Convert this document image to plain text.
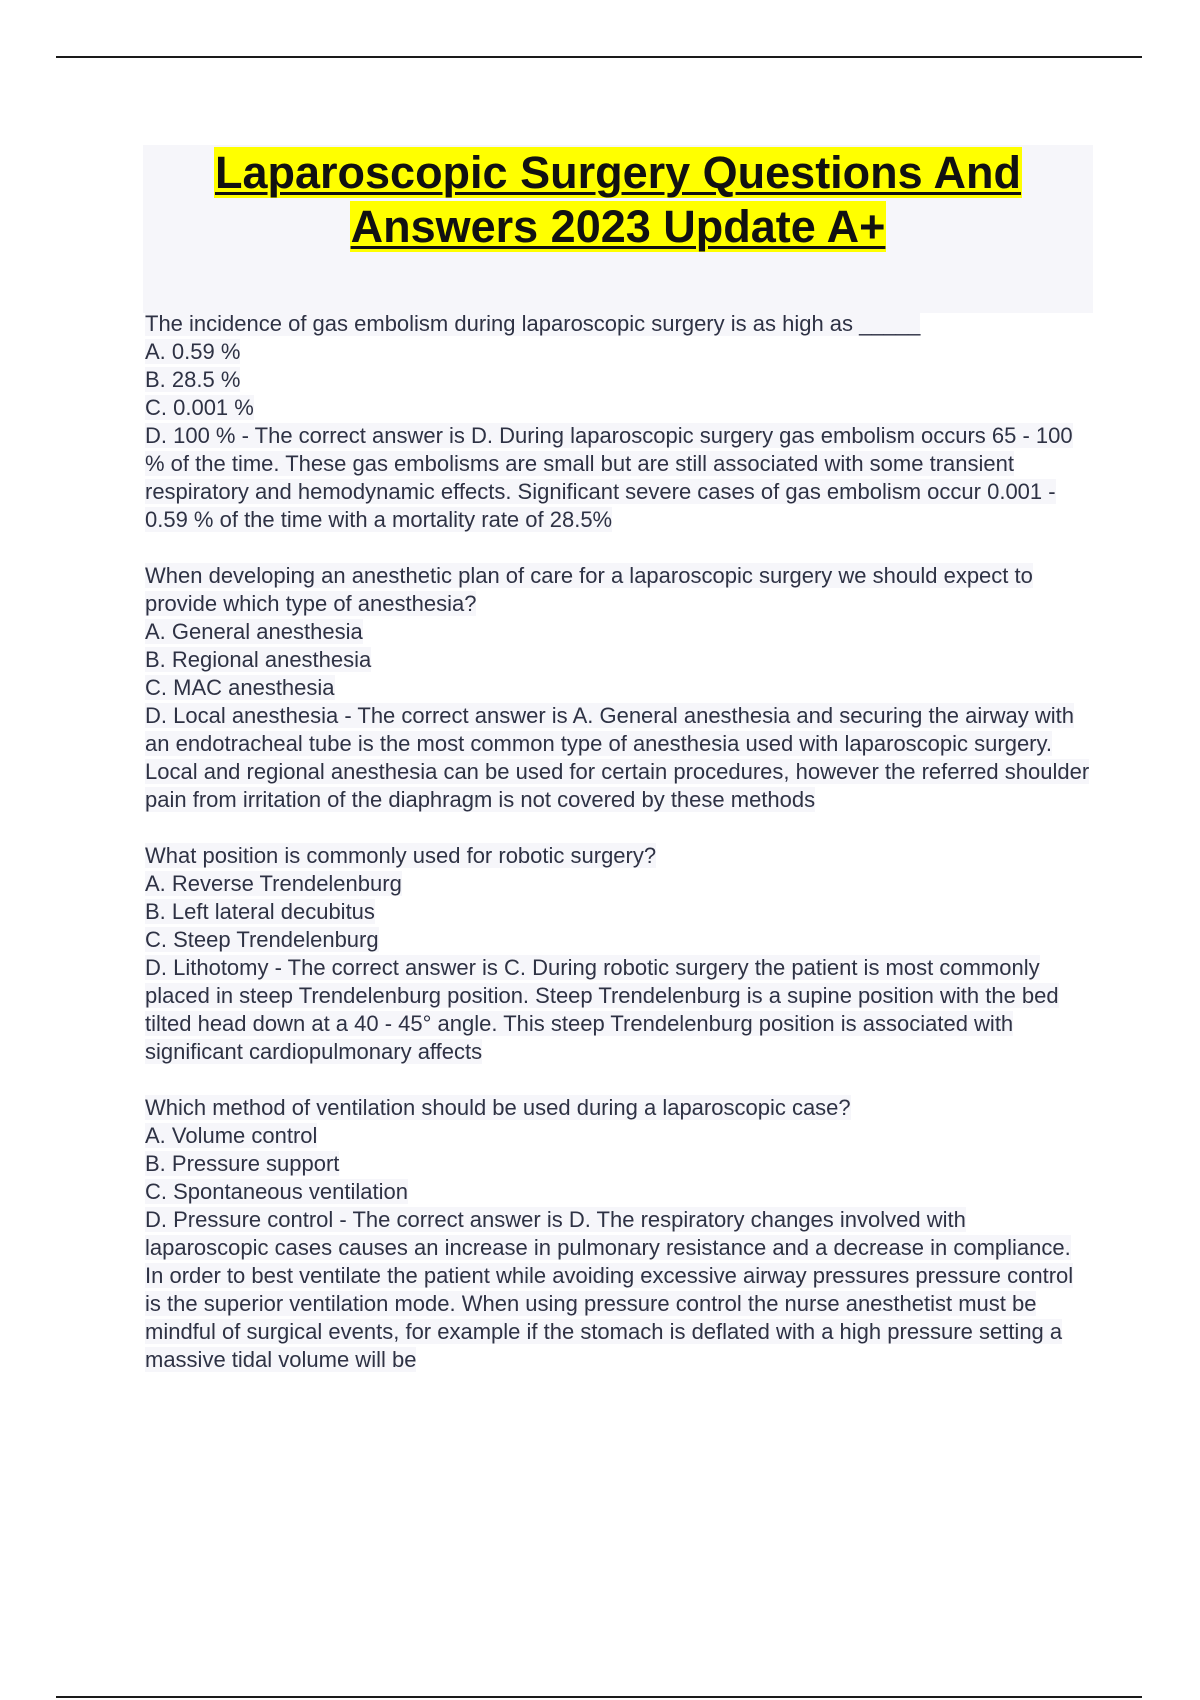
Laparoscopic Surgery Questions And
Answers 2023 Update A+

The incidence of gas embolism during laparoscopic surgery is as high as _____

A. 0.59 %

B. 28.5 %

C. 0.001 %

D. 100 % - The correct answer is D. During laparoscopic surgery gas embolism occurs 65 - 100 % of the time. These gas embolisms are small but are still associated with some transient respiratory and hemodynamic effects. Significant severe cases of gas embolism occur 0.001 - 0.59 % of the time with a mortality rate of 28.5%

When developing an anesthetic plan of care for a laparoscopic surgery we should expect to provide which type of anesthesia?

A. General anesthesia

B. Regional anesthesia

C. MAC anesthesia

D. Local anesthesia - The correct answer is A. General anesthesia and securing the airway with an endotracheal tube is the most common type of anesthesia used with laparoscopic surgery. Local and regional anesthesia can be used for certain procedures, however the referred shoulder pain from irritation of the diaphragm is not covered by these methods

What position is commonly used for robotic surgery?

A. Reverse Trendelenburg

B. Left lateral decubitus

C. Steep Trendelenburg

D. Lithotomy - The correct answer is C. During robotic surgery the patient is most commonly placed in steep Trendelenburg position. Steep Trendelenburg is a supine position with the bed tilted head down at a 40 - 45° angle. This steep Trendelenburg position is associated with significant cardiopulmonary affects

Which method of ventilation should be used during a laparoscopic case?

A. Volume control

B. Pressure support

C. Spontaneous ventilation

D. Pressure control - The correct answer is D. The respiratory changes involved with laparoscopic cases causes an increase in pulmonary resistance and a decrease in compliance. In order to best ventilate the patient while avoiding excessive airway pressures pressure control is the superior ventilation mode. When using pressure control the nurse anesthetist must be mindful of surgical events, for example if the stomach is deflated with a high pressure setting a massive tidal volume will be
